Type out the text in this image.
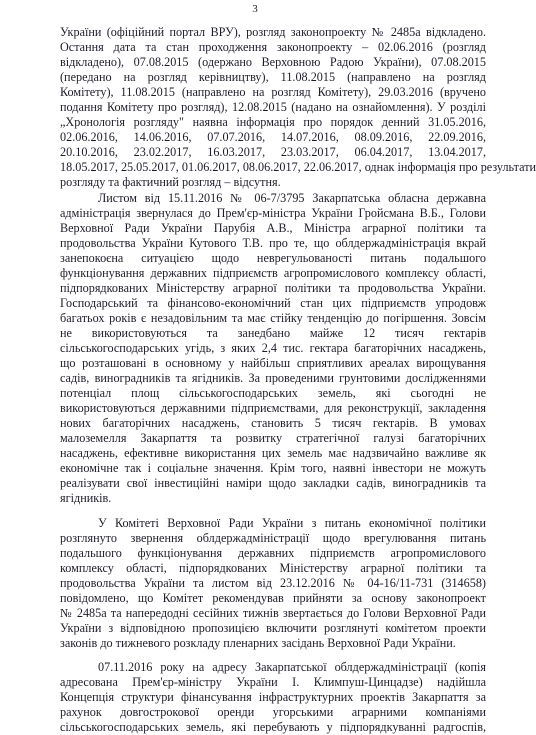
3
України (офіційний портал ВРУ), розгляд законопроекту № 2485а відкладено.
Остання дата та стан проходження законопроекту – 02.06.2016 (розгляд
відкладено), 07.08.2015 (одержано Верховною Радою України), 07.08.2015
(передано на розгляд керівництву), 11.08.2015 (направлено на розгляд
Комітету), 11.08.2015 (направлено на розгляд Комітету), 29.03.2016 (вручено
подання Комітету про розгляд), 12.08.2015 (надано на ознайомлення). У розділі
„Хронологія розгляду" наявна інформація про порядок денний 31.05.2016,
02.06.2016, 14.06.2016, 07.07.2016, 14.07.2016, 08.09.2016, 22.09.2016,
20.10.2016, 23.02.2017, 16.03.2017, 23.03.2017, 06.04.2017, 13.04.2017,
18.05.2017, 25.05.2017, 01.06.2017, 08.06.2017, 22.06.2017, однак інформація про результати
розгляду та фактичний розгляд – відсутня.
Листом від 15.11.2016 № 06-7/3795 Закарпатська обласна державна
адміністрація звернулася до Прем'єр-міністра України Гройсмана В.Б., Голови
Верховної Ради України Парубія А.В., Міністра аграрної політики та
продовольства України Кутового Т.В. про те, що облдержадміністрація вкрай
занепокоєна ситуацією щодо неврегульованості питань подальшого
функціонування державних підприємств агропромислового комплексу області,
підпорядкованих Міністерству аграрної політики та продовольства України.
Господарський та фінансово-економічний стан цих підприємств упродовж
багатьох років є незадовільним та має стійку тенденцію до погіршення. Зовсім
не використовуються та занедбано майже 12 тисяч гектарів
сільськогосподарських угідь, з яких 2,4 тис. гектара багаторічних насаджень,
що розташовані в основному у найбільш сприятливих ареалах вирощування
садів, виноградників та ягідників. За проведеними грунтовими дослідженнями
потенціал площ сільськогосподарських земель, які сьогодні не
використовуються державними підприємствами, для реконструкції, закладення
нових багаторічних насаджень, становить 5 тисяч гектарів. В умовах
малоземелля Закарпаття та розвитку стратегічної галузі багаторічних
насаджень, ефективне використання цих земель має надзвичайно важливе як
економічне так і соціальне значення. Крім того, наявні інвестори не можуть
реалізувати свої інвестиційні наміри щодо закладки садів, виноградників та
ягідників.
У Комітеті Верховної Ради України з питань економічної політики
розглянуто звернення облдержадміністрації щодо врегулювання питань
подальшого функціонування державних підприємств агропромислового
комплексу області, підпорядкованих Міністерству аграрної політики та
продовольства України та листом від 23.12.2016 № 04-16/11-731 (314658)
повідомлено, що Комітет рекомендував прийняти за основу законопроект
№ 2485а та напередодні сесійних тижнів звертається до Голови Верховної Ради
України з відповідною пропозицією включити розглянуті комітетом проекти
законів до тижневого розкладу пленарних засідань Верховної Ради України.
07.11.2016 року на адресу Закарпатської облдержадміністрації (копія
адресована Прем'єр-міністру України І. Климпуш-Цинцадзе) надійшла
Концепція структури фінансування інфраструктурних проектів Закарпаття за
рахунок довгострокової оренди угорськими аграрними компаніями
сільськогосподарських земель, які перебувають у підпорядкуванні радгоспів,
